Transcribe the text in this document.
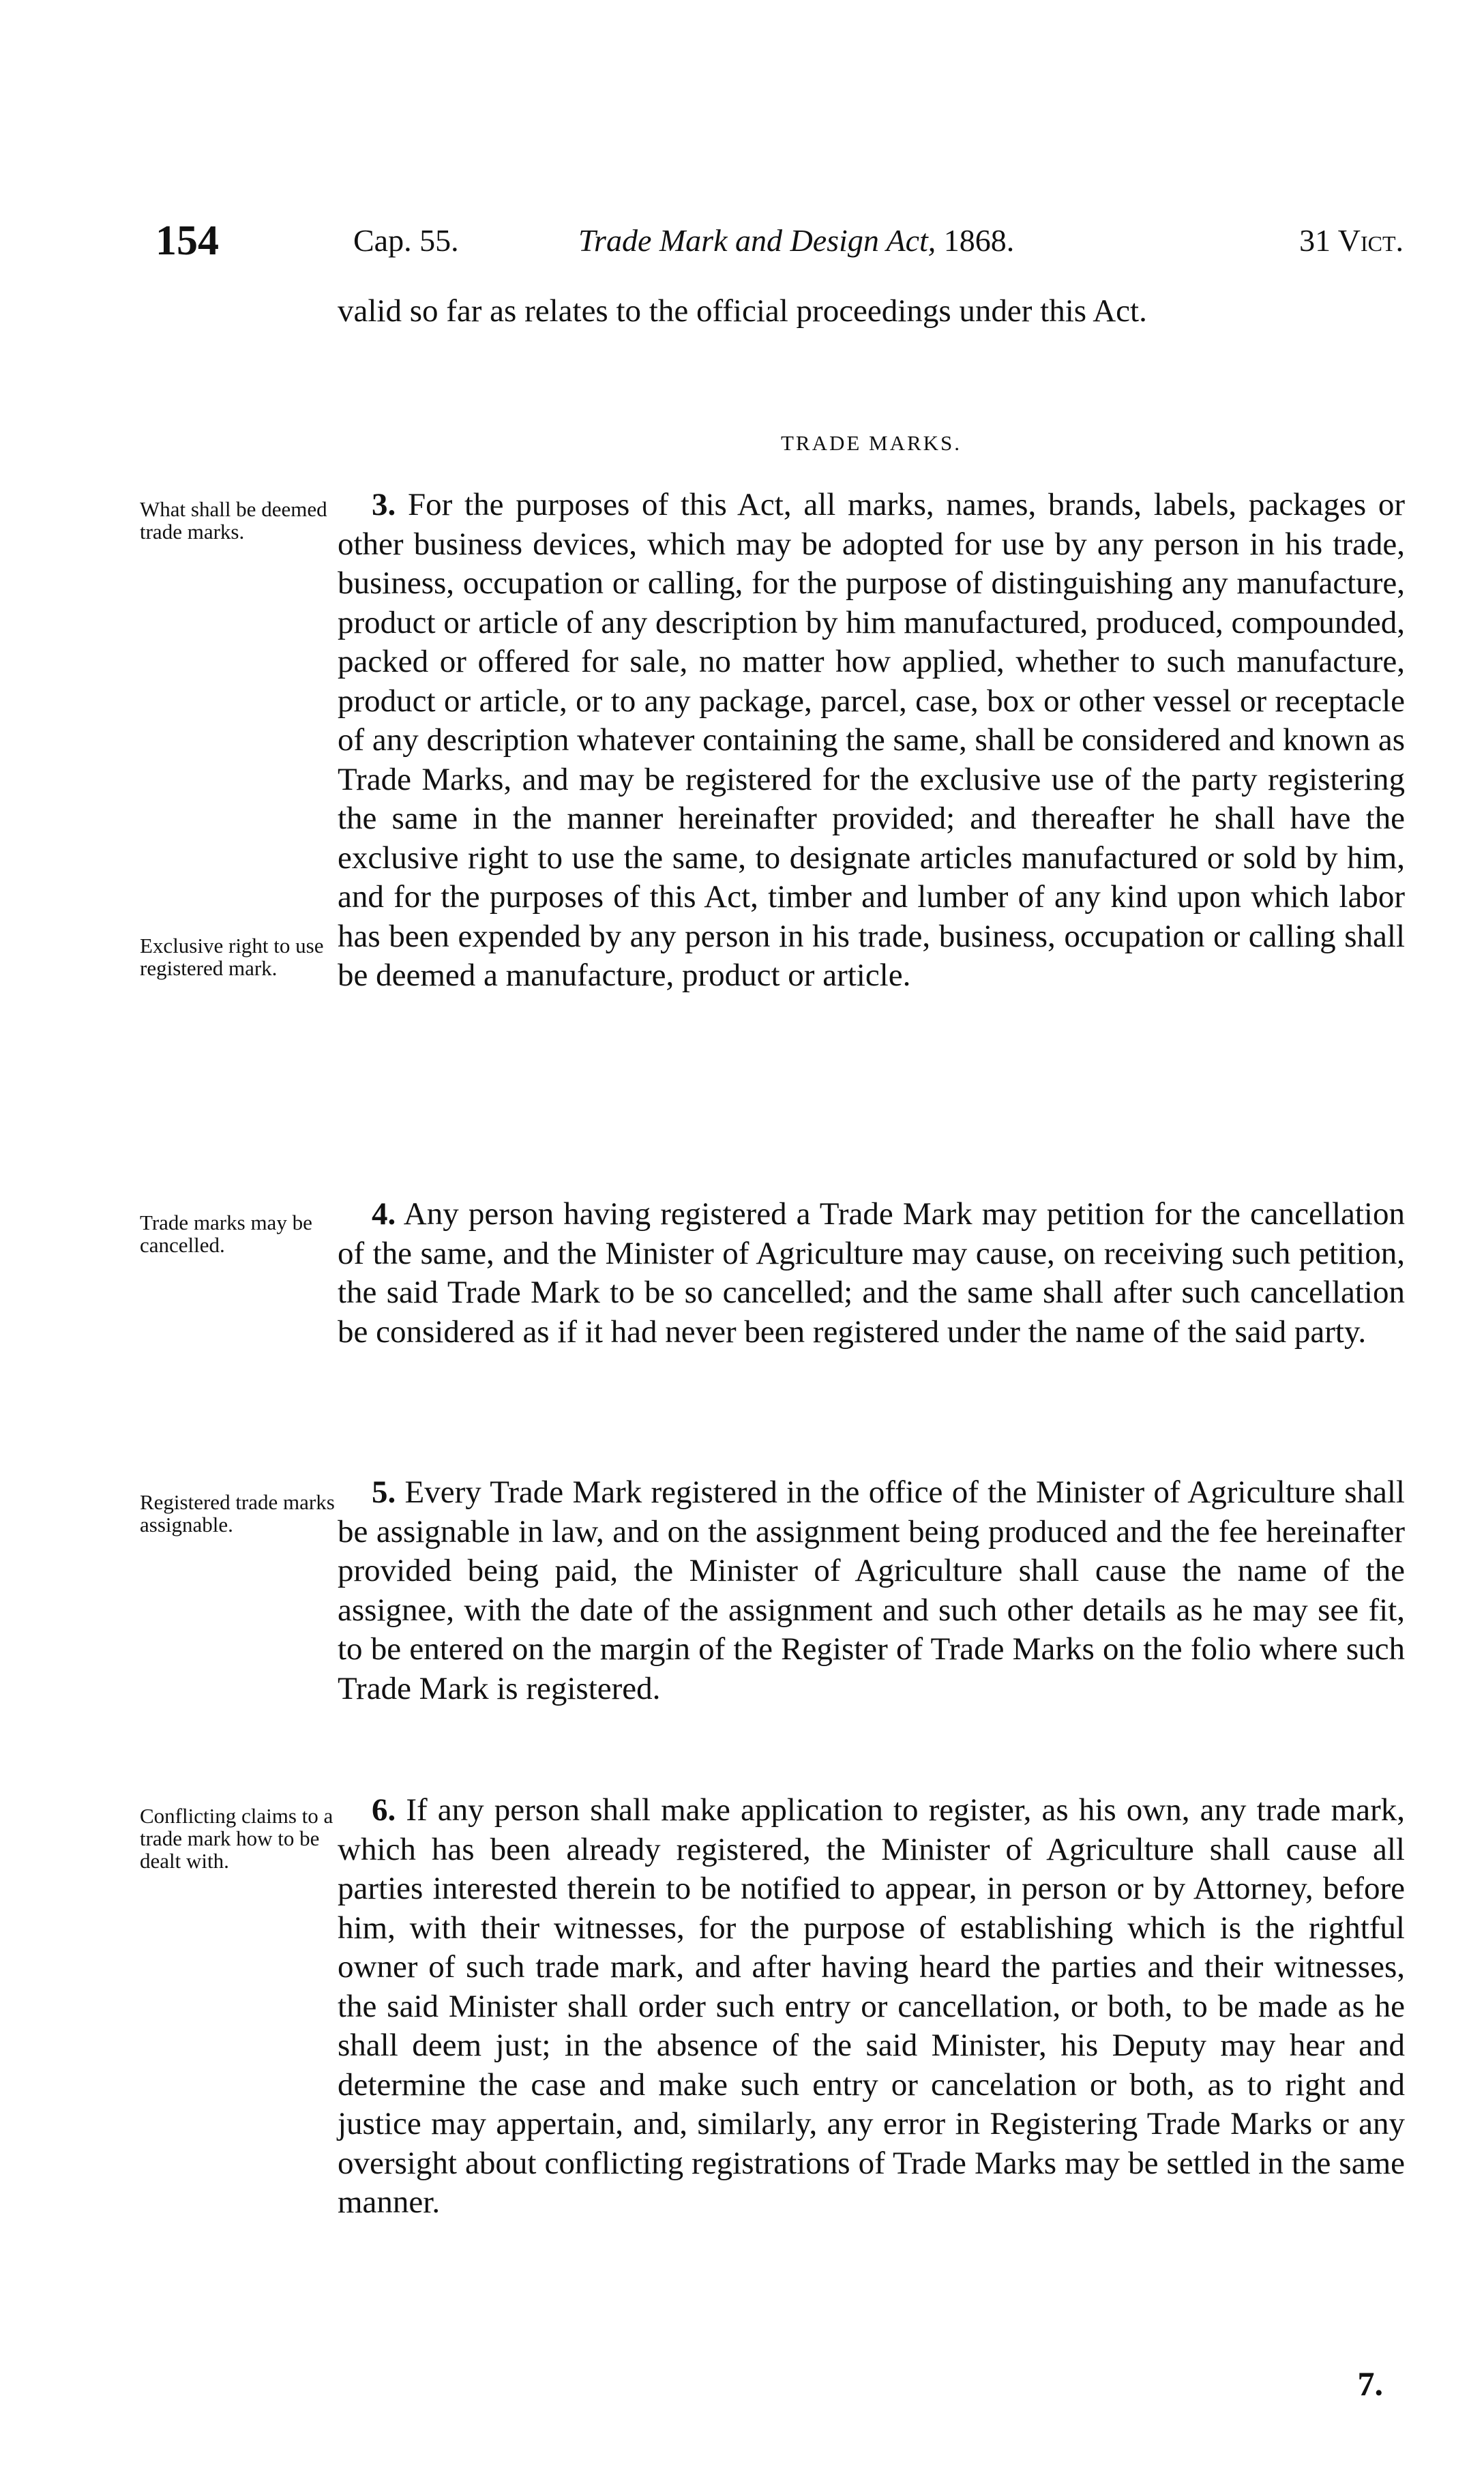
154	Cap. 55.	Trade Mark and Design Act, 1868.	31 Vict.
valid so far as relates to the official proceedings under this Act.
TRADE MARKS.
What shall be deemed trade marks.
Exclusive right to use registered mark.
Trade marks may be cancelled.
Registered trade marks assignable.
Conflicting claims to a trade mark how to be dealt with.
3. For the purposes of this Act, all marks, names, brands, labels, packages or other business devices, which may be adopted for use by any person in his trade, business, occupation or calling, for the purpose of distinguishing any manufacture, product or article of any description by him manufactured, produced, compounded, packed or offered for sale, no matter how applied, whether to such manufacture, product or article, or to any package, parcel, case, box or other vessel or receptacle of any description whatever containing the same, shall be considered and known as Trade Marks, and may be registered for the exclusive use of the party registering the same in the manner hereinafter provided; and thereafter he shall have the exclusive right to use the same, to designate articles manufactured or sold by him, and for the purposes of this Act, timber and lumber of any kind upon which labor has been expended by any person in his trade, business, occupation or calling shall be deemed a manufacture, product or article.
4. Any person having registered a Trade Mark may petition for the cancellation of the same, and the Minister of Agriculture may cause, on receiving such petition, the said Trade Mark to be so cancelled; and the same shall after such cancellation be considered as if it had never been registered under the name of the said party.
5. Every Trade Mark registered in the office of the Minister of Agriculture shall be assignable in law, and on the assignment being produced and the fee hereinafter provided being paid, the Minister of Agriculture shall cause the name of the assignee, with the date of the assignment and such other details as he may see fit, to be entered on the margin of the Register of Trade Marks on the folio where such Trade Mark is registered.
6. If any person shall make application to register, as his own, any trade mark, which has been already registered, the Minister of Agriculture shall cause all parties interested therein to be notified to appear, in person or by Attorney, before him, with their witnesses, for the purpose of establishing which is the rightful owner of such trade mark, and after having heard the parties and their witnesses, the said Minister shall order such entry or cancellation, or both, to be made as he shall deem just; in the absence of the said Minister, his Deputy may hear and determine the case and make such entry or cancelation or both, as to right and justice may appertain, and, similarly, any error in Registering Trade Marks or any oversight about conflicting registrations of Trade Marks may be settled in the same manner.
7.
